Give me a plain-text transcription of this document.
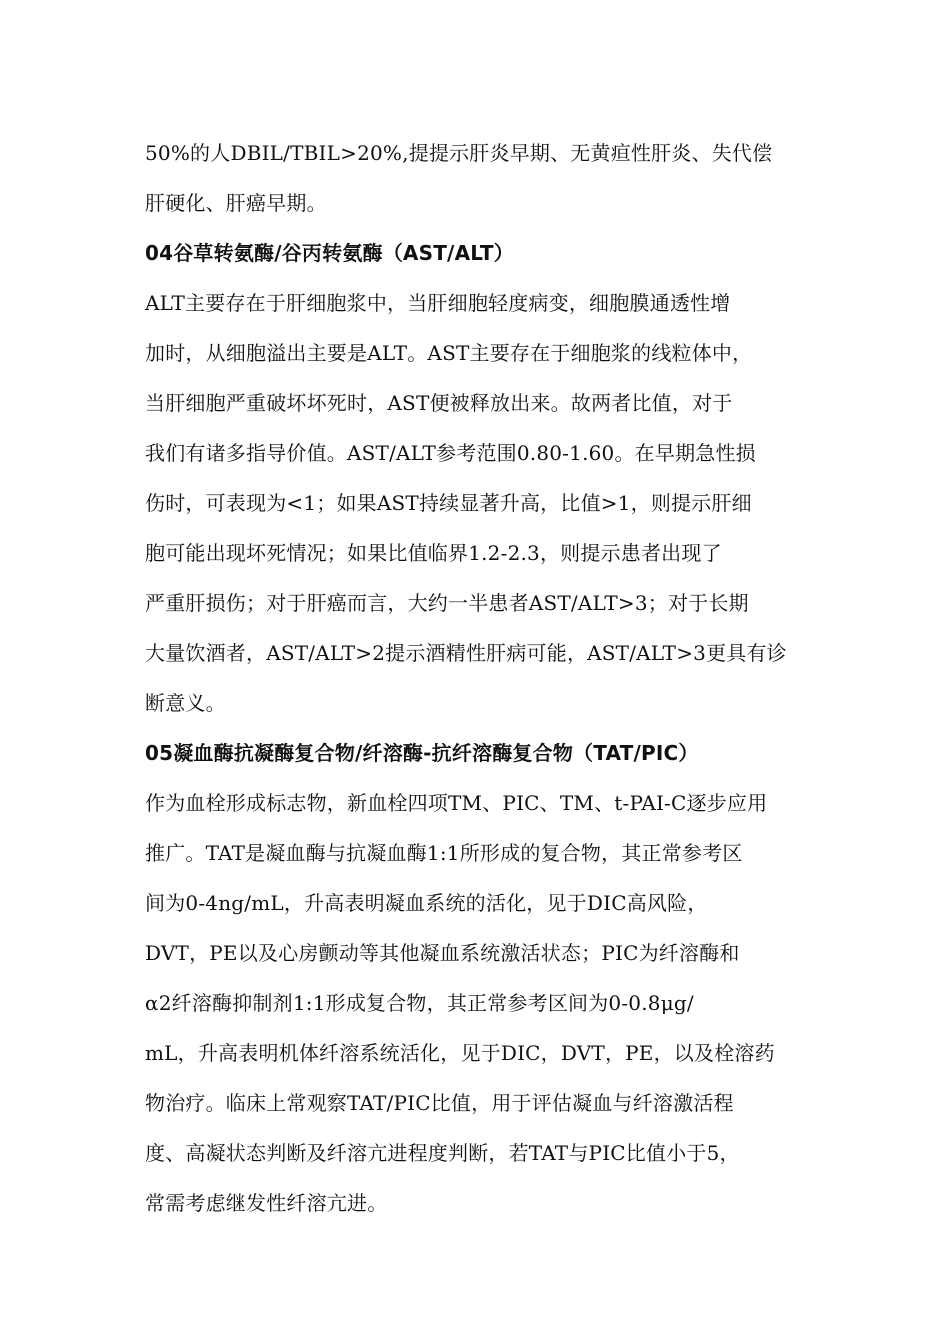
50%的人DBIL/TBIL>20%,提提示肝炎早期、无黄疸性肝炎、失代偿
肝硬化、肝癌早期。
04谷草转氨酶/谷丙转氨酶（AST/ALT）
ALT主要存在于肝细胞浆中，当肝细胞轻度病变，细胞膜通透性增
加时，从细胞溢出主要是ALT。AST主要存在于细胞浆的线粒体中，
当肝细胞严重破坏坏死时，AST便被释放出来。故两者比值，对于
我们有诸多指导价值。AST/ALT参考范围0.80-1.60。在早期急性损
伤时，可表现为<1；如果AST持续显著升高，比值>1，则提示肝细
胞可能出现坏死情况；如果比值临界1.2-2.3，则提示患者出现了
严重肝损伤；对于肝癌而言，大约一半患者AST/ALT>3；对于长期
大量饮酒者，AST/ALT>2提示酒精性肝病可能，AST/ALT>3更具有诊
断意义。
05凝血酶抗凝酶复合物/纤溶酶-抗纤溶酶复合物（TAT/PIC）
作为血栓形成标志物，新血栓四项TM、PIC、TM、t-PAI-C逐步应用
推广。TAT是凝血酶与抗凝血酶1:1所形成的复合物，其正常参考区
间为0-4ng/mL，升高表明凝血系统的活化，见于DIC高风险，
DVT，PE以及心房颤动等其他凝血系统激活状态；PIC为纤溶酶和
α2纤溶酶抑制剂1:1形成复合物，其正常参考区间为0-0.8μg/
mL，升高表明机体纤溶系统活化，见于DIC，DVT，PE，以及栓溶药
物治疗。临床上常观察TAT/PIC比值，用于评估凝血与纤溶激活程
度、高凝状态判断及纤溶亢进程度判断，若TAT与PIC比值小于5，
常需考虑继发性纤溶亢进。
